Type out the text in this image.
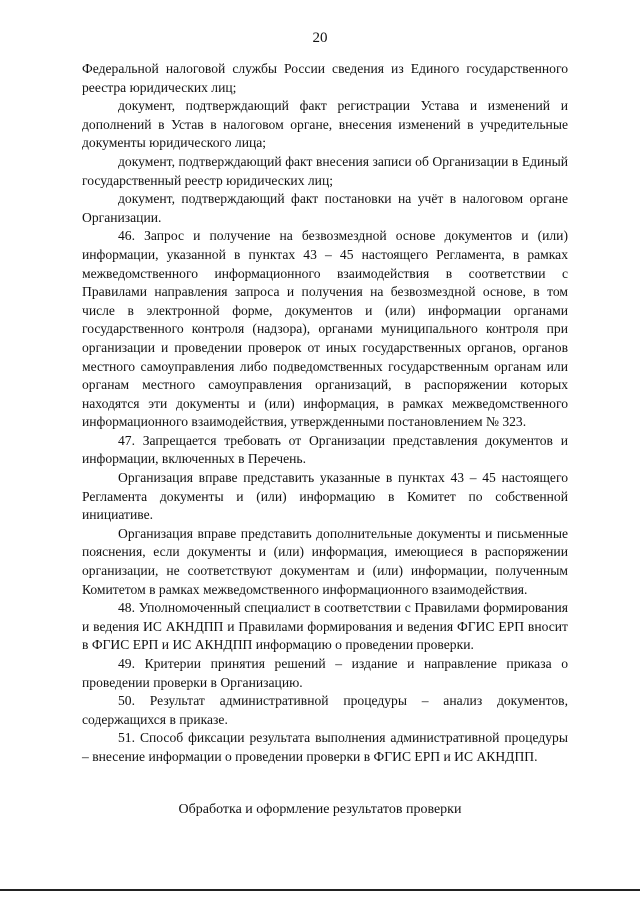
20

Федеральной налоговой службы России сведения из Единого государственного реестра юридических лиц;

документ, подтверждающий факт регистрации Устава и изменений и дополнений в Устав в налоговом органе, внесения изменений в учредительные документы юридического лица;

документ, подтверждающий факт внесения записи об Организации в Единый государственный реестр юридических лиц;

документ, подтверждающий факт постановки на учёт в налоговом органе Организации.

46. Запрос и получение на безвозмездной основе документов и (или) информации, указанной в пунктах 43 – 45 настоящего Регламента, в рамках межведомственного информационного взаимодействия в соответствии с Правилами направления запроса и получения на безвозмездной основе, в том числе в электронной форме, документов и (или) информации органами государственного контроля (надзора), органами муниципального контроля при организации и проведении проверок от иных государственных органов, органов местного самоуправления либо подведомственных государственным органам или органам местного самоуправления организаций, в распоряжении которых находятся эти документы и (или) информация, в рамках межведомственного информационного взаимодействия, утвержденными постановлением № 323.

47. Запрещается требовать от Организации представления документов и информации, включенных в Перечень.

Организация вправе представить указанные в пунктах 43 – 45 настоящего Регламента документы и (или) информацию в Комитет по собственной инициативе.

Организация вправе представить дополнительные документы и письменные пояснения, если документы и (или) информация, имеющиеся в распоряжении организации, не соответствуют документам и (или) информации, полученным Комитетом в рамках межведомственного информационного взаимодействия.

48. Уполномоченный специалист в соответствии с Правилами формирования и ведения ИС АКНДПП и Правилами формирования и ведения ФГИС ЕРП вносит в ФГИС ЕРП и ИС АКНДПП информацию о проведении проверки.

49. Критерии принятия решений – издание и направление приказа о проведении проверки в Организацию.

50. Результат административной процедуры – анализ документов, содержащихся в приказе.

51. Способ фиксации результата выполнения административной процедуры – внесение информации о проведении проверки в ФГИС ЕРП и ИС АКНДПП.

Обработка и оформление результатов проверки
